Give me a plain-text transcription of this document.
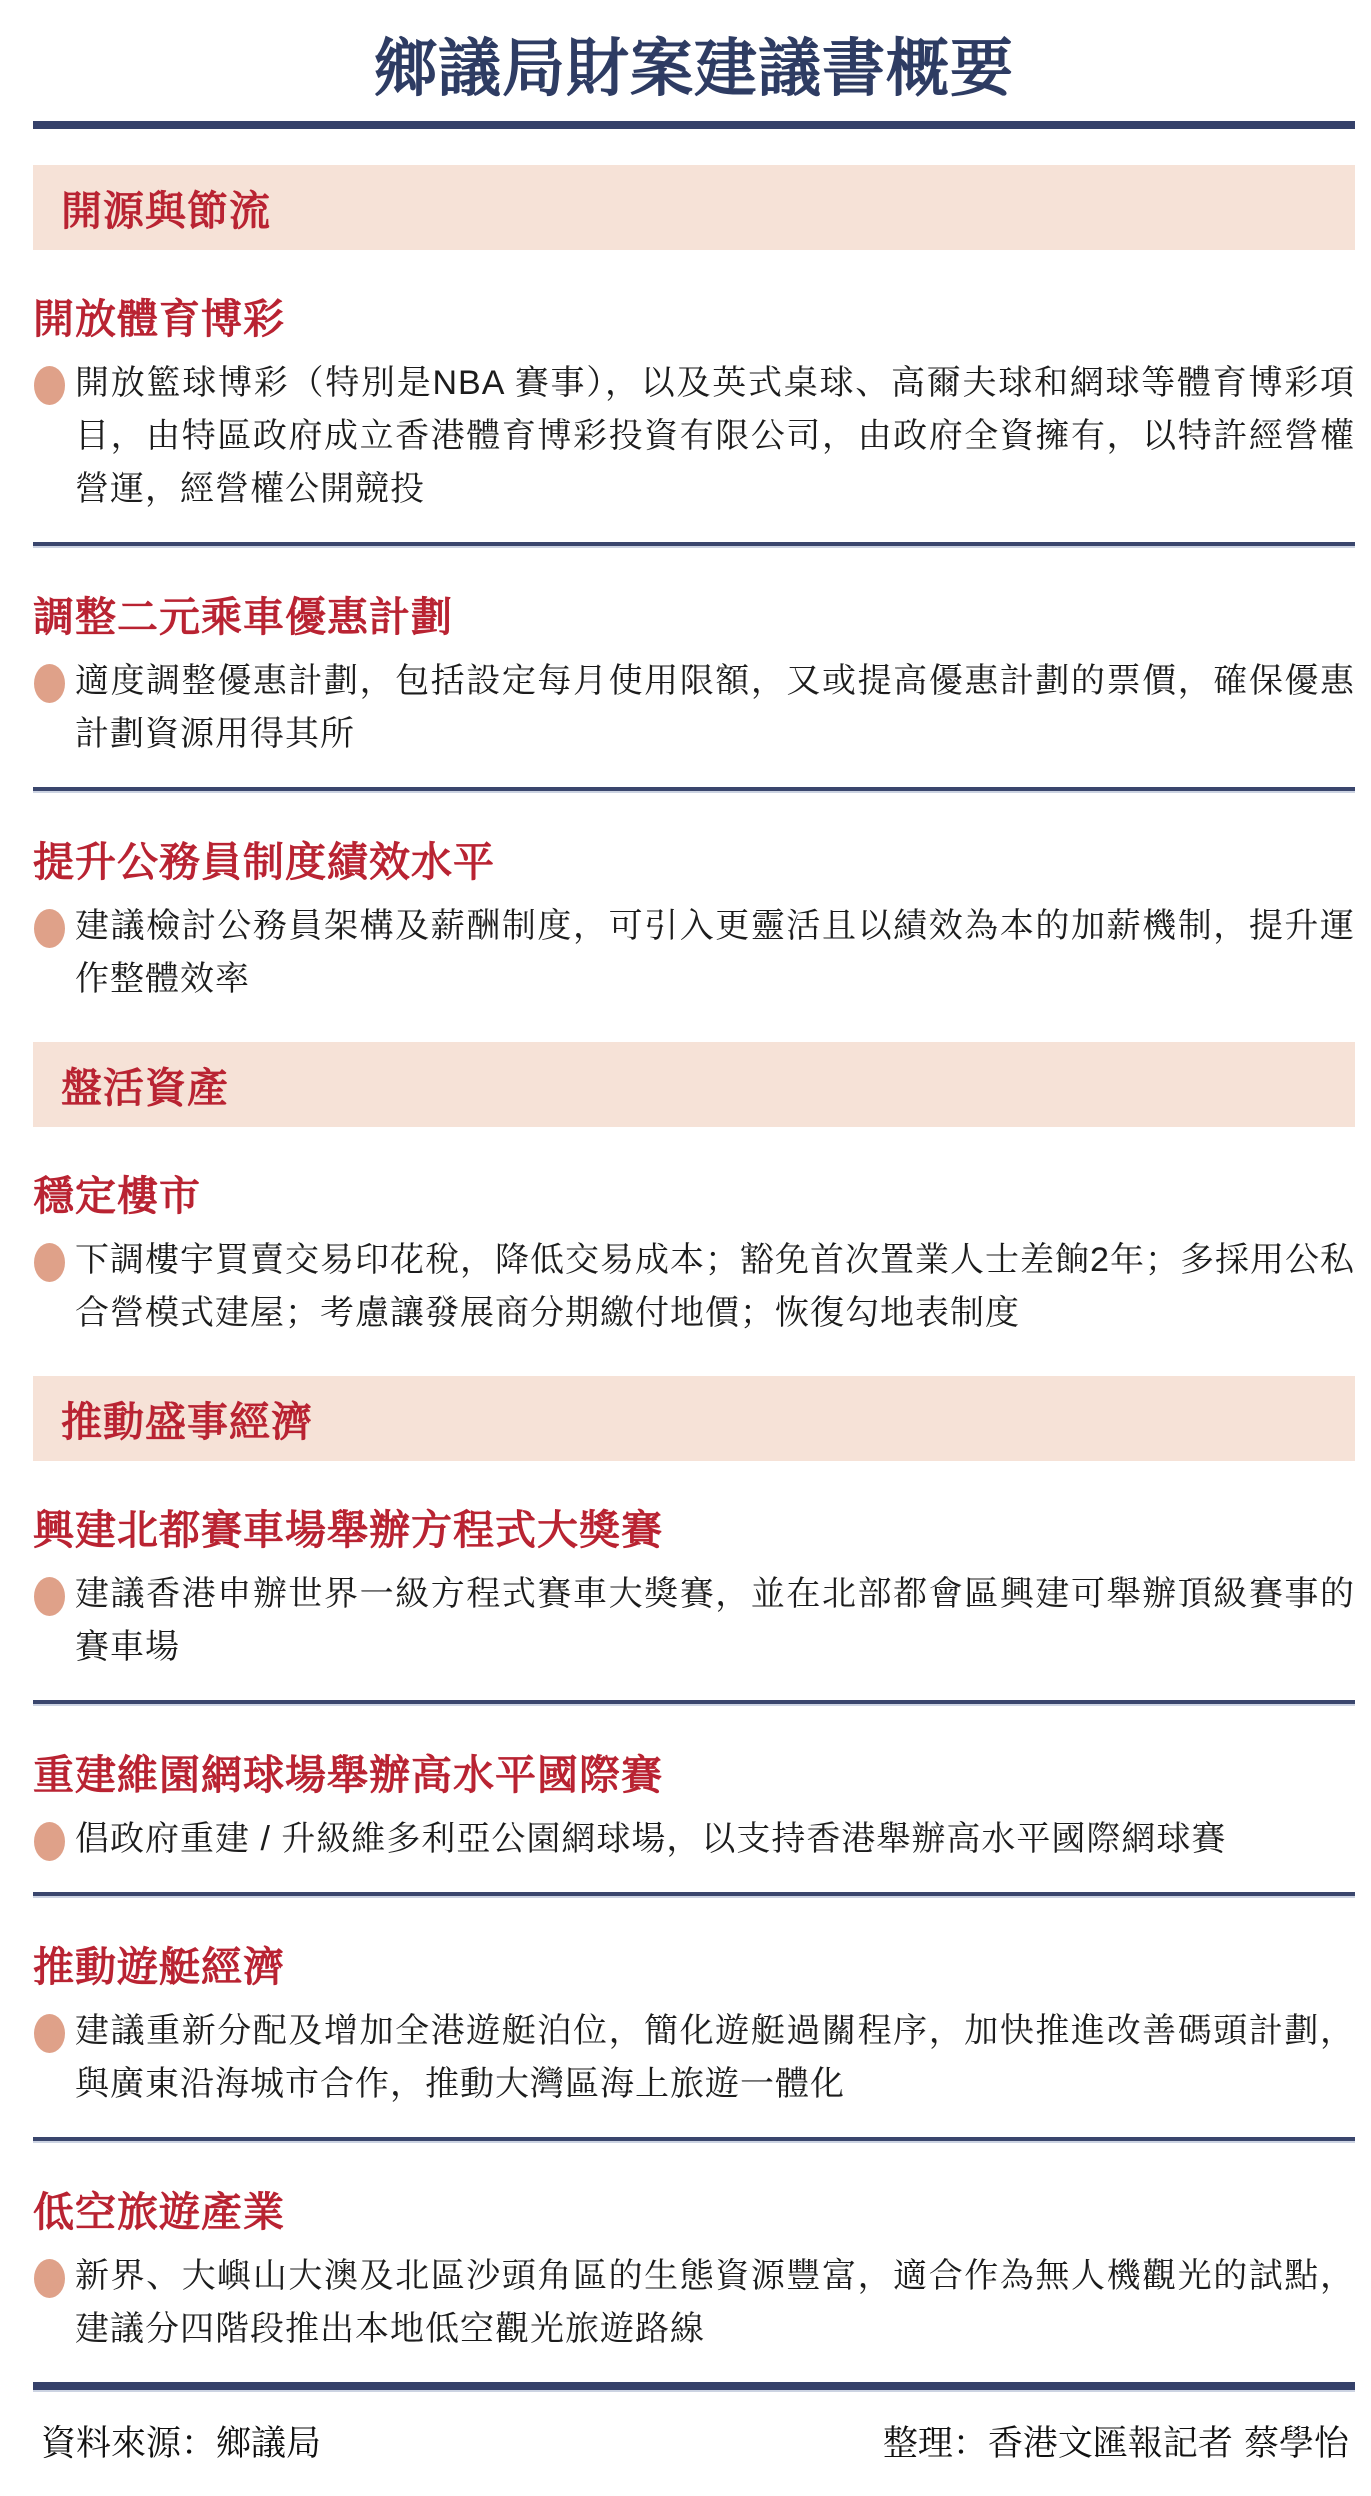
鄉議局財案建議書概要
開源與節流
開放體育博彩
開放籃球博彩（特別是NBA 賽事），以及英式桌球、高爾夫球和網球等體育博彩項目，由特區政府成立香港體育博彩投資有限公司，由政府全資擁有，以特許經營權營運，經營權公開競投
調整二元乘車優惠計劃
適度調整優惠計劃，包括設定每月使用限額，又或提高優惠計劃的票價，確保優惠計劃資源用得其所
提升公務員制度績效水平
建議檢討公務員架構及薪酬制度，可引入更靈活且以績效為本的加薪機制，提升運作整體效率
盤活資產
穩定樓市
下調樓宇買賣交易印花稅，降低交易成本；豁免首次置業人士差餉2年；多採用公私合營模式建屋；考慮讓發展商分期繳付地價；恢復勾地表制度
推動盛事經濟
興建北都賽車場舉辦方程式大獎賽
建議香港申辦世界一級方程式賽車大獎賽，並在北部都會區興建可舉辦頂級賽事的賽車場
重建維園網球場舉辦高水平國際賽
倡政府重建 / 升級維多利亞公園網球場，以支持香港舉辦高水平國際網球賽
推動遊艇經濟
建議重新分配及增加全港遊艇泊位，簡化遊艇過關程序，加快推進改善碼頭計劃，與廣東沿海城市合作，推動大灣區海上旅遊一體化
低空旅遊產業
新界、大嶼山大澳及北區沙頭角區的生態資源豐富，適合作為無人機觀光的試點，建議分四階段推出本地低空觀光旅遊路線
資料來源：鄉議局	整理：香港文匯報記者 蔡學怡
